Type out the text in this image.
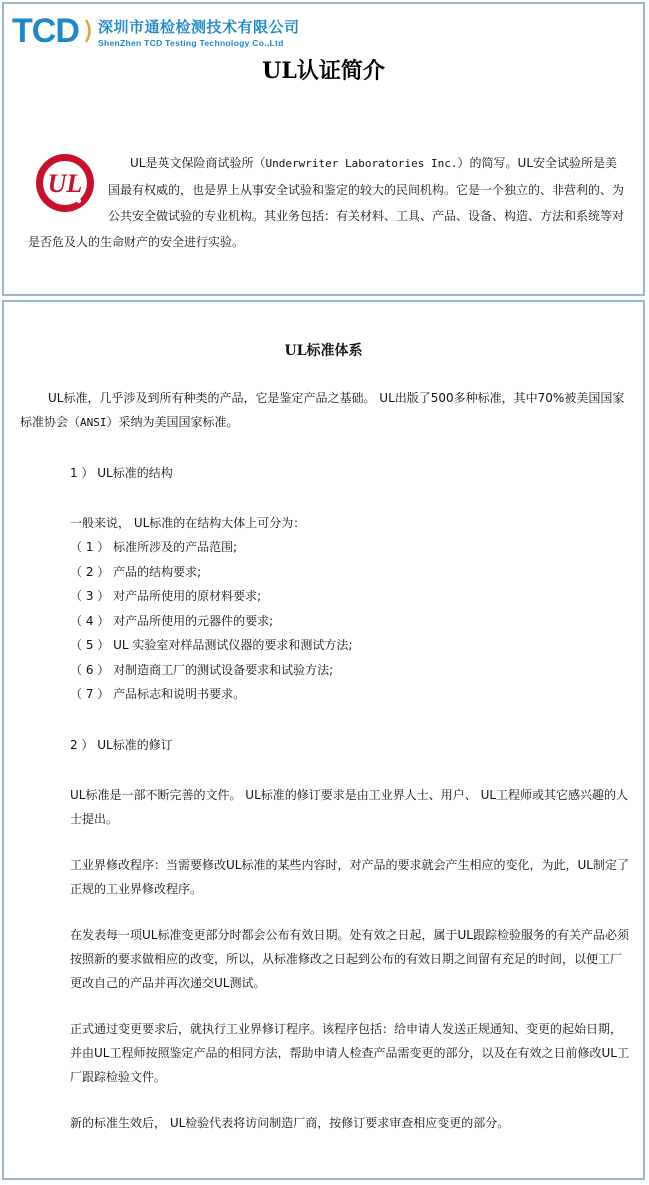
TCD 深圳市通检检测技术有限公司
ShenZhen TCD Testing Technology Co.,Ltd
UL认证简介
UL
UL是英文保险商试验所（Underwriter Laboratories Inc.）的简写。UL安全试验所是美国最有权威的，也是界上从事安全试验和鉴定的较大的民间机构。它是一个独立的、非营利的、为公共安全做试验的专业机构。其业务包括：有关材料、工具、产品、设备、构造、方法和系统等对是否危及人的生命财产的安全进行实验。
UL标准体系

UL标准，几乎涉及到所有种类的产品，它是鉴定产品之基础。 UL出版了500多种标准，其中70%被美国国家标准协会（ANSI）采纳为美国国家标准。

1 ） UL标准的结构

一般来说， UL标准的在结构大体上可分为：

（ 1 ） 标准所涉及的产品范围;
（ 2 ） 产品的结构要求;
（ 3 ） 对产品所使用的原材料要求;
（ 4 ） 对产品所使用的元器件的要求;
（ 5 ） UL 实验室对样品测试仪器的要求和测试方法;
（ 6 ） 对制造商工厂的测试设备要求和试验方法;
（ 7 ） 产品标志和说明书要求。

2 ） UL标准的修订

UL标准是一部不断完善的文件。 UL标准的修订要求是由工业界人士、用户、 UL工程师或其它感兴趣的人士提出。

工业界修改程序：当需要修改UL标准的某些内容时，对产品的要求就会产生相应的变化，为此，UL制定了正规的工业界修改程序。

在发表每一项UL标准变更部分时都会公布有效日期。处有效之日起，属于UL跟踪检验服务的有关产品必须按照新的要求做相应的改变，所以，从标准修改之日起到公布的有效日期之间留有充足的时间，以便工厂更改自己的产品并再次递交UL测试。

正式通过变更要求后，就执行工业界修订程序。该程序包括：给申请人发送正规通知、变更的起始日期，并由UL工程师按照鉴定产品的相同方法，帮助申请人检查产品需变更的部分，以及在有效之日前修改UL工厂跟踪检验文件。

新的标准生效后， UL检验代表将访问制造厂商，按修订要求审查相应变更的部分。
